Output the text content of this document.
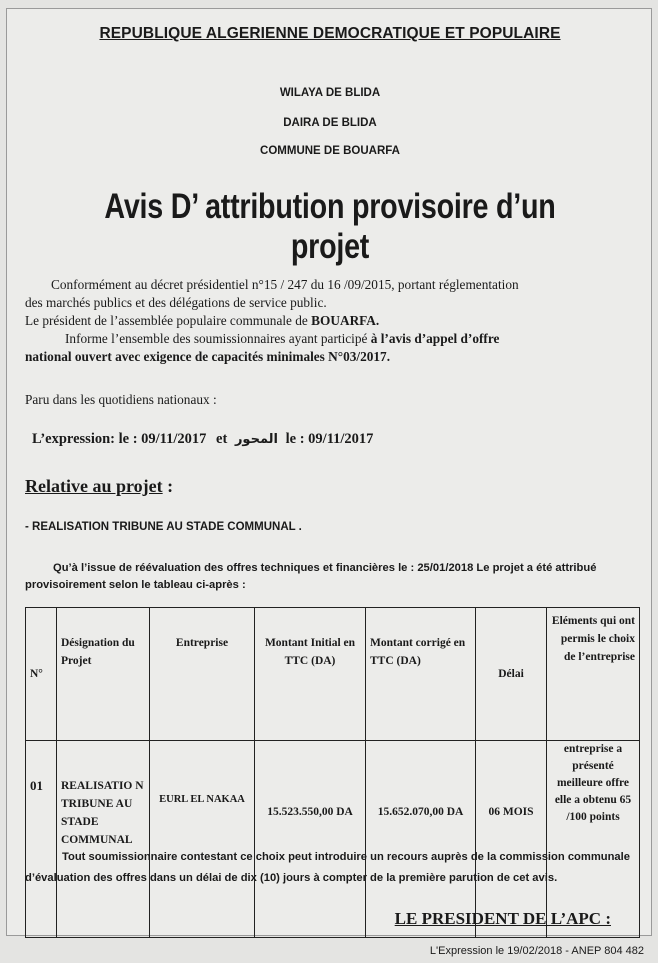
REPUBLIQUE ALGERIENNE DEMOCRATIQUE ET POPULAIRE
WILAYA DE BLIDA
DAIRA DE BLIDA
COMMUNE DE BOUARFA
Avis D’ attribution provisoire d’un projet
Conformément au décret présidentiel n°15 / 247 du 16 /09/2015, portant réglementation
des marchés publics et des délégations de service public.
Le président de l’assemblée populaire communale de BOUARFA.
Informe l’ensemble des soumissionnaires ayant participé à l’avis d’appel d’offre
national ouvert avec exigence de capacités minimales N°03/2017.
Paru dans les quotidiens nationaux :
L’expression: le : 09/11/2017 et المحور le : 09/11/2017
Relative au projet :
- REALISATION TRIBUNE AU STADE COMMUNAL .
Qu’à l’issue de réévaluation des offres techniques et financières le : 25/01/2018 Le projet a été attribué
provisoirement selon le tableau ci-après :
N°	Désignation du Projet	Entreprise	Montant Initial en TTC (DA)	Montant corrigé en TTC (DA)	Délai	Eléments qui ont permis le choix de l’entreprise
01	REALISATIO N TRIBUNE AU STADE COMMUNAL	EURL EL NAKAA	15.523.550,00 DA	15.652.070,00 DA	06 MOIS	entreprise a présenté meilleure offre elle a obtenu 65 /100 points
Tout soumissionnaire contestant ce choix peut introduire un recours auprès de la commission communale
d’évaluation des offres dans un délai de dix (10) jours à compter de la première parution de cet avis.
LE PRESIDENT DE L’APC :
L'Expression le 19/02/2018 - ANEP 804 482
